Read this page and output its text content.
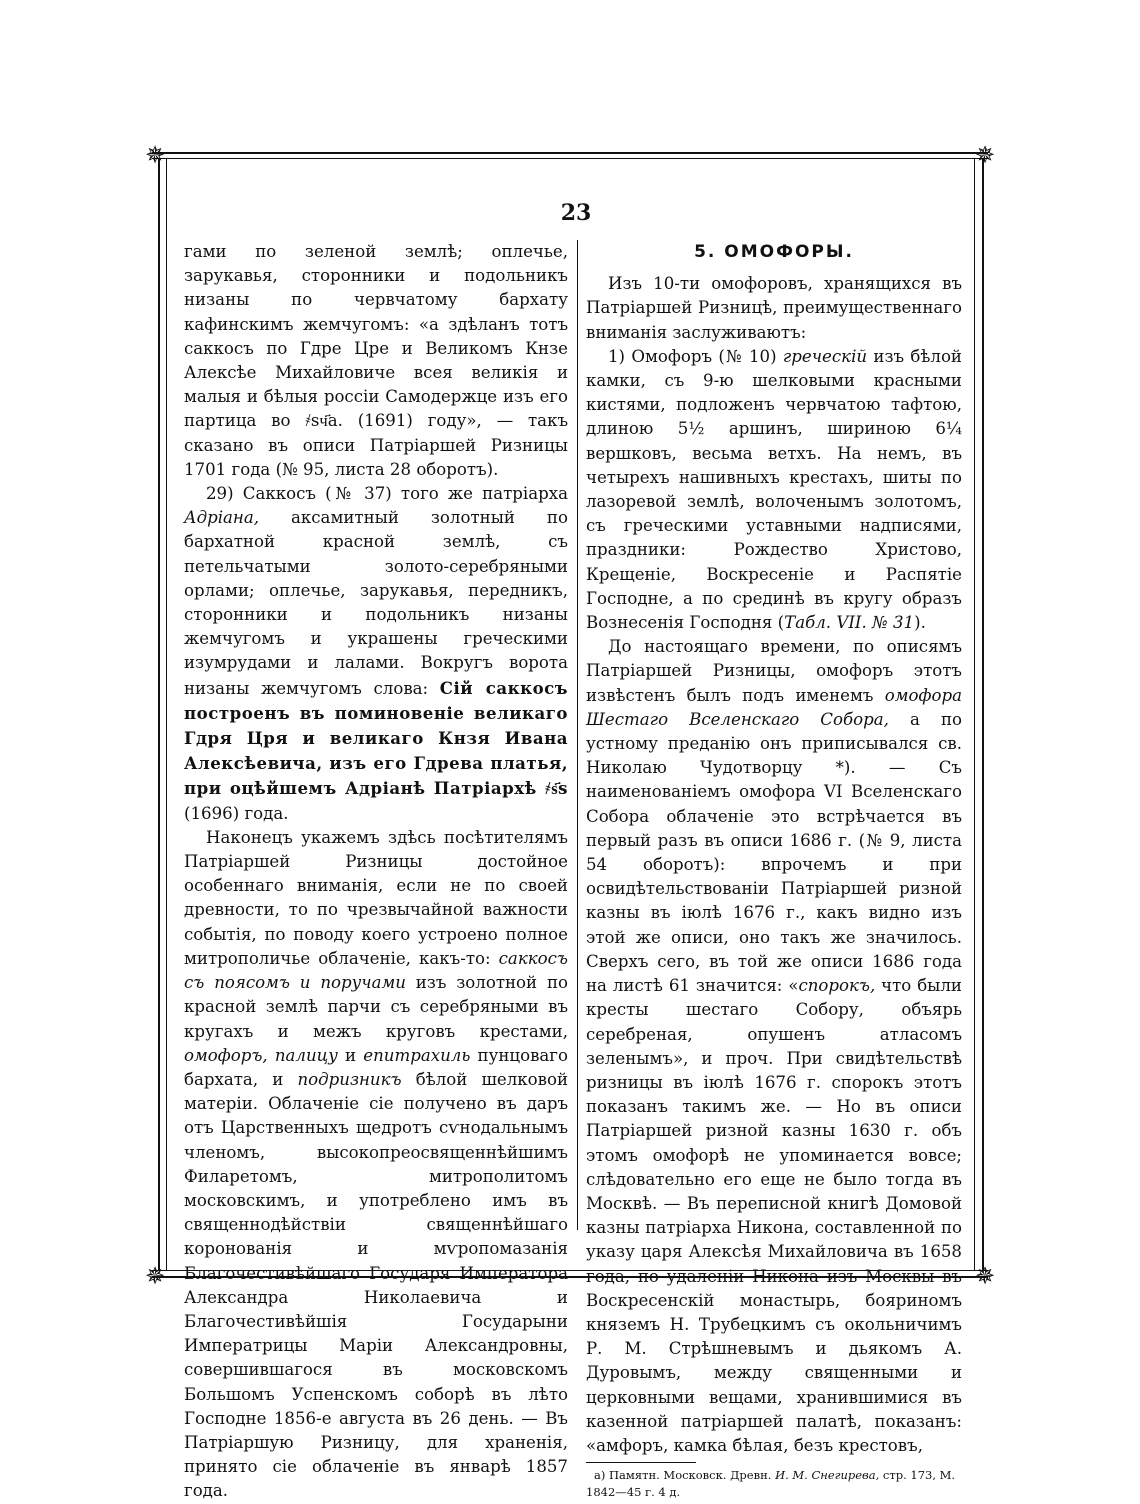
✵	✵
✵	✵
23

гами по зеленой землѣ; оплечье, зарукавья, сторонники и подольникъ низаны по червчатому бархату кафинскимъ жемчугомъ: «а здѣланъ тотъ саккосъ по Гдре Цре и Великомъ Кнзе Алексѣе Михайловиче всея великія и малыя и бѣлыя россіи Самодержце изъ его партица во ҂ѕч҃а. (1691) году», — такъ сказано въ описи Патріаршей Ризницы 1701 года (№ 95, листа 28 оборотъ).

29) Саккосъ (№ 37) того же патріарха Адріана, аксамитный золотный по бархатной красной землѣ, съ петельчатыми золото-серебряными орлами; оплечье, зарукавья, передникъ, сторонники и подольникъ низаны жемчугомъ и украшены греческими изумрудами и лалами. Вокругъ ворота низаны жемчугомъ слова: Сій саккосъ построенъ въ поминовеніе великаго Гдря Цря и великаго Кнзя Ивана Алексѣевича, изъ его Гдрева платья, при оцѣйшемъ Адріанѣ Патріархѣ ҂ѕ҃ѕ (1696) года.

Наконецъ укажемъ здѣсь посѣтителямъ Патріаршей Ризницы достойное особеннаго вниманія, если не по своей древности, то по чрезвычайной важности событія, по поводу коего устроено полное митрополичье облаченіе, какъ-то: саккосъ съ поясомъ и поручами изъ золотной по красной землѣ парчи съ серебряными въ кругахъ и межъ круговъ крестами, омофоръ, палицу и епитрахиль пунцоваго бархата, и подризникъ бѣлой шелковой матеріи. Облаченіе сіе получено въ даръ отъ Царственныхъ щедротъ сѵнодальнымъ членомъ, высокопреосвященнѣйшимъ Филаретомъ, митрополитомъ московскимъ, и употреблено имъ въ священнодѣйствіи священнѣйшаго коронованія и мѵропомазанія Благочестивѣйшаго Государя Императора Александра Николаевича и Благочестивѣйшія Государыни Императрицы Маріи Александровны, совершившагося въ московскомъ Большомъ Успенскомъ соборѣ въ лѣто Господне 1856-е августа въ 26 день. — Въ Патріаршую Ризницу, для храненія, принято сіе облаченіе въ январѣ 1857 года.

5. ОМОФОРЫ.

Изъ 10-ти омофоровъ, хранящихся въ Патріаршей Ризницѣ, преимущественнаго вниманія заслуживаютъ:

1) Омофоръ (№ 10) греческій изъ бѣлой камки, съ 9-ю шелковыми красными кистями, подложенъ червчатою тафтою, длиною 5½ аршинъ, шириною 6¼ вершковъ, весьма ветхъ. На немъ, въ четырехъ нашивныхъ крестахъ, шиты по лазоревой землѣ, волоченымъ золотомъ, съ греческими уставными надписями, праздники: Рождество Христово, Крещеніе, Воскресеніе и Распятіе Господне, а по срединѣ въ кругу образъ Вознесенія Господня (Табл. VII. № 31).

До настоящаго времени, по описямъ Патріаршей Ризницы, омофоръ этотъ извѣстенъ былъ подъ именемъ омофора Шестаго Вселенскаго Собора, а по устному преданію онъ приписывался св. Николаю Чудотворцу *). — Съ наименованіемъ омофора VI Вселенскаго Собора облаченіе это встрѣчается въ первый разъ въ описи 1686 г. (№ 9, листа 54 оборотъ): впрочемъ и при освидѣтельствованіи Патріаршей ризной казны въ іюлѣ 1676 г., какъ видно изъ этой же описи, оно такъ же значилось. Сверхъ сего, въ той же описи 1686 года на листѣ 61 значится: «спорокъ, что были кресты шестаго Собору, объярь серебреная, опушенъ атласомъ зеленымъ», и проч. При свидѣтельствѣ ризницы въ іюлѣ 1676 г. спорокъ этотъ показанъ такимъ же. — Но въ описи Патріаршей ризной казны 1630 г. объ этомъ омофорѣ не упоминается вовсе; слѣдовательно его еще не было тогда въ Москвѣ. — Въ переписной книгѣ Домовой казны патріарха Никона, составленной по указу царя Алексѣя Михайловича въ 1658 года, по удаленіи Никона изъ Москвы въ Воскресенскій монастырь, бояриномъ княземъ Н. Трубецкимъ съ окольничимъ Р. М. Стрѣшневымъ и дьякомъ А. Дуровымъ, между священными и церковными вещами, хранившимися въ казенной патріаршей палатѣ, показанъ: «амфоръ, камка бѣлая, безъ крестовъ,

a) Памятн. Московск. Древн. И. М. Снегирева, стр. 173, М. 1842—45 г. 4 д.
